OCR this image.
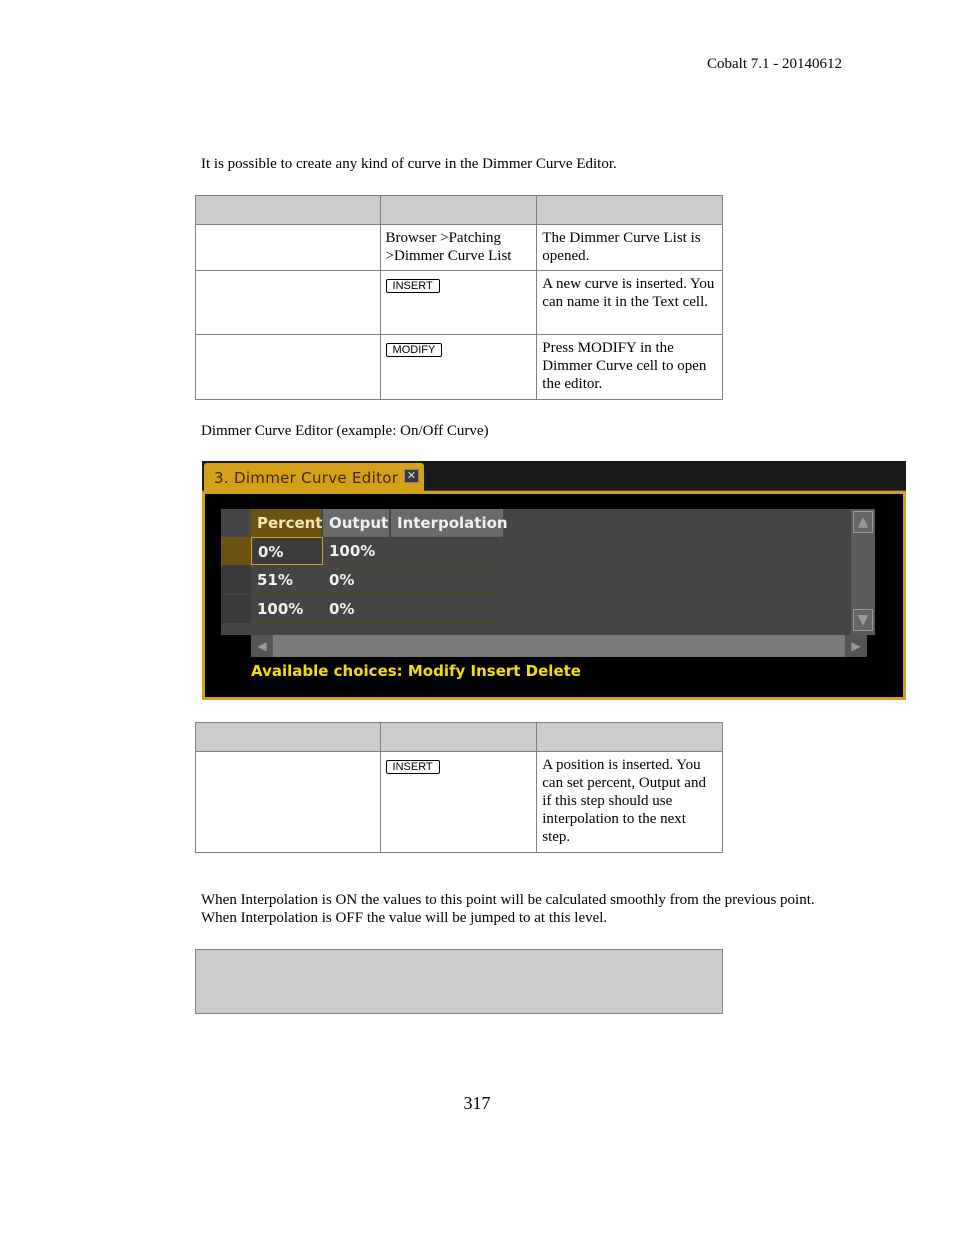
Cobalt 7.1 - 20140612
It is possible to create any kind of curve in the Dimmer Curve Editor.

	Browser >Patching >Dimmer Curve List	The Dimmer Curve List is opened.
	INSERT	A new curve is inserted. You can name it in the Text cell.
	MODIFY	Press MODIFY in the Dimmer Curve cell to open the editor.
Dimmer Curve Editor (example: On/Off Curve)
3. Dimmer Curve Editor ✕
Percent Output Interpolation
0%	100%
51%	0%
100%	0%
▲
▼
◀	▶
Available choices: Modify Insert Delete

	INSERT	A position is inserted. You can set percent, Output and if this step should use interpolation to the next step.
When Interpolation is ON the values to this point will be calculated smoothly from the previous point.
When Interpolation is OFF the value will be jumped to at this level.
317
